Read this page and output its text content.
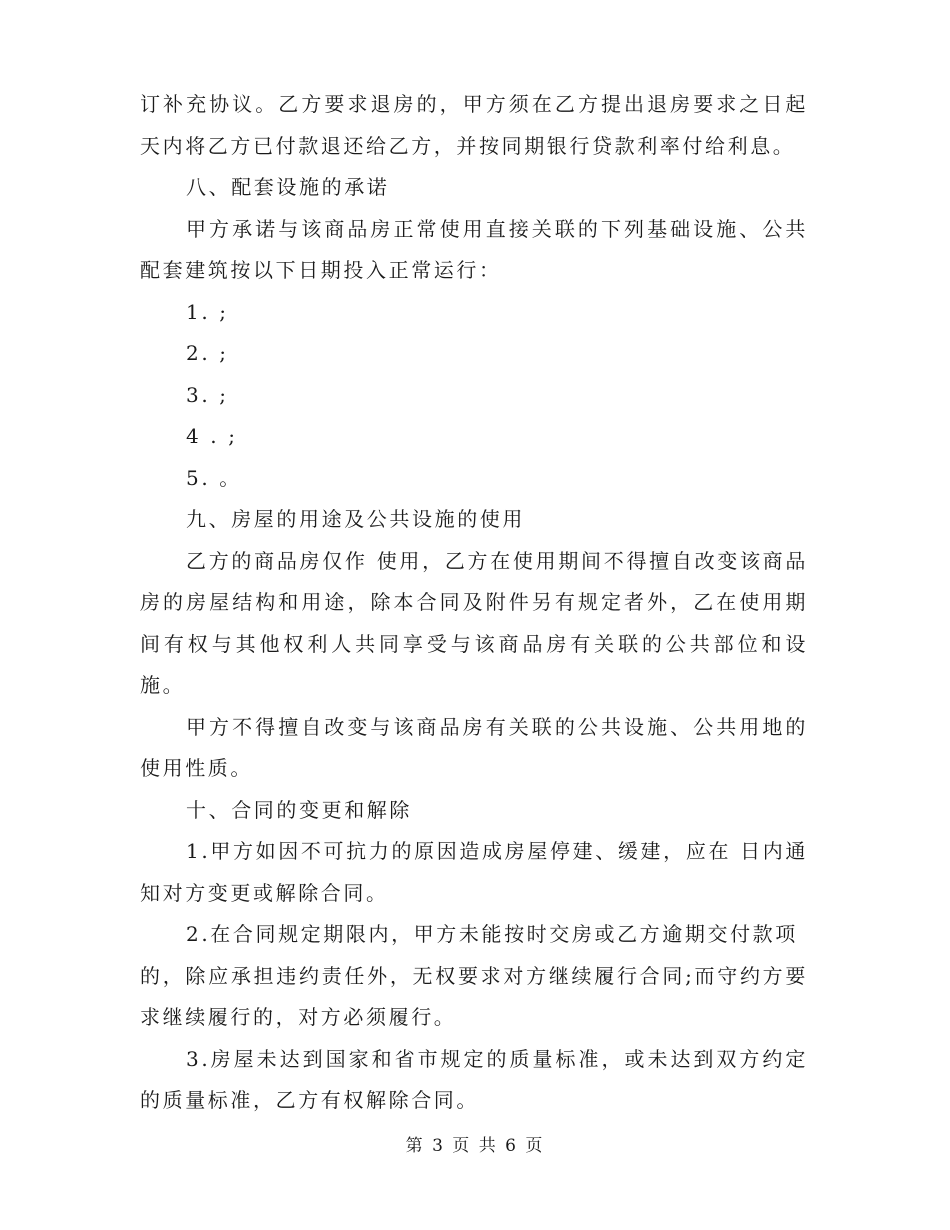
订补充协议。乙方要求退房的，甲方须在乙方提出退房要求之日起 天内将乙方已付款退还给乙方，并按同期银行贷款利率付给利息。

八、配套设施的承诺

甲方承诺与该商品房正常使用直接关联的下列基础设施、公共配套建筑按以下日期投入正常运行：

1. ;

2. ;

3. ;

4 . ;

5. 。

九、房屋的用途及公共设施的使用

乙方的商品房仅作 使用，乙方在使用期间不得擅自改变该商品房的房屋结构和用途，除本合同及附件另有规定者外，乙在使用期间有权与其他权利人共同享受与该商品房有关联的公共部位和设施。

甲方不得擅自改变与该商品房有关联的公共设施、公共用地的使用性质。

十、合同的变更和解除

1.甲方如因不可抗力的原因造成房屋停建、缓建，应在 日内通知对方变更或解除合同。

2.在合同规定期限内，甲方未能按时交房或乙方逾期交付款项

的，除应承担违约责任外，无权要求对方继续履行合同;而守约方要求继续履行的，对方必须履行。

3.房屋未达到国家和省市规定的质量标准，或未达到双方约定的质量标准，乙方有权解除合同。

第 3 页 共 6 页
